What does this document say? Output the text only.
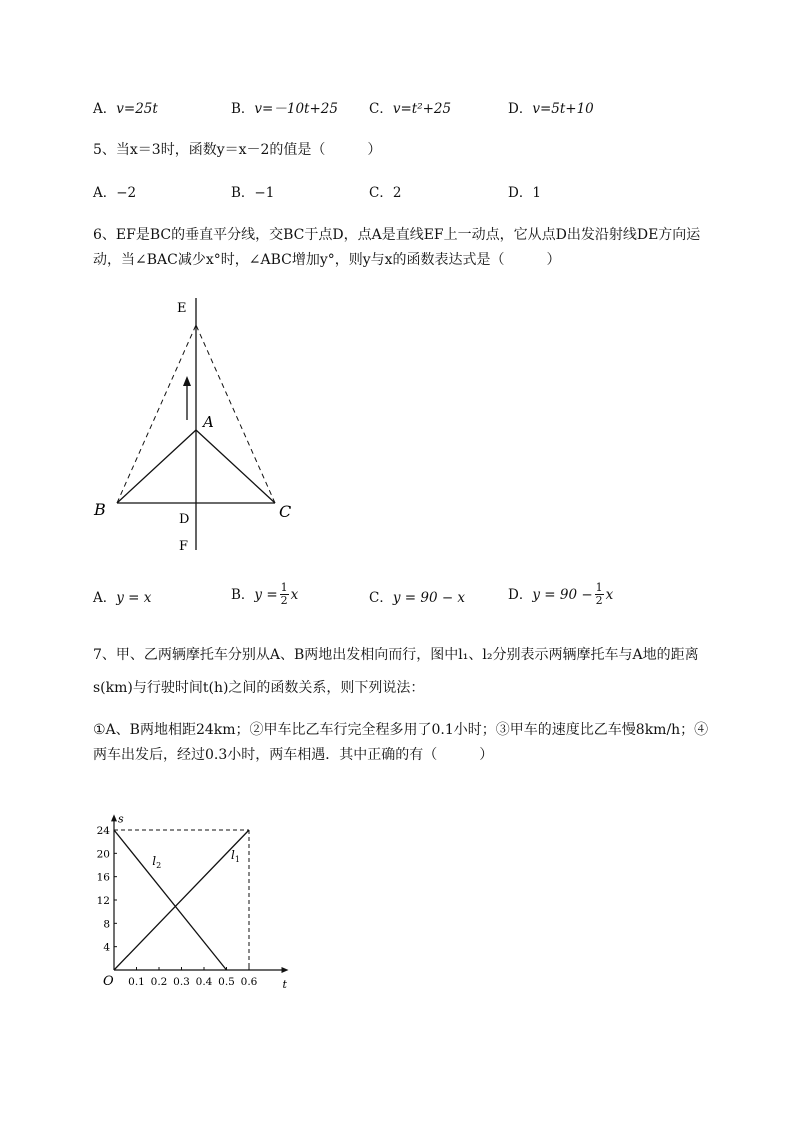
A．v=25t	B．v=－10t+25 C．v=t²+25	D．v=5t+10
5、当x＝3时，函数y＝x－2的值是（　　　）
A．−2	B．−1	C．2	D．1
6、EF是BC的垂直平分线，交BC于点D，点A是直线EF上一动点，它从点D出发沿射线DE方向运
动，当∠BAC减少x°时，∠ABC增加y°，则y与x的函数表达式是（　　　）
E
A
B	C
D
F
A．y = x	B． $y = \frac{1}{2}$ x	C．y = 90 − x	D． $y = 90 - \frac{1}{2}$ x
7、甲、乙两辆摩托车分别从A、B两地出发相向而行，图中l₁、l₂分别表示两辆摩托车与A地的距离
s(km)与行驶时间t(h)之间的函数关系，则下列说法：
①A、B两地相距24km；②甲车比乙车行完全程多用了0.1小时；③甲车的速度比乙车慢8km/h；④
两车出发后，经过0.3小时，两车相遇．其中正确的有（　　　）
s
t
O 0.1 0.2 0.3 0.4 0.5 0.6
4
8
12
16
20
24
$l_1$
$l_2$
